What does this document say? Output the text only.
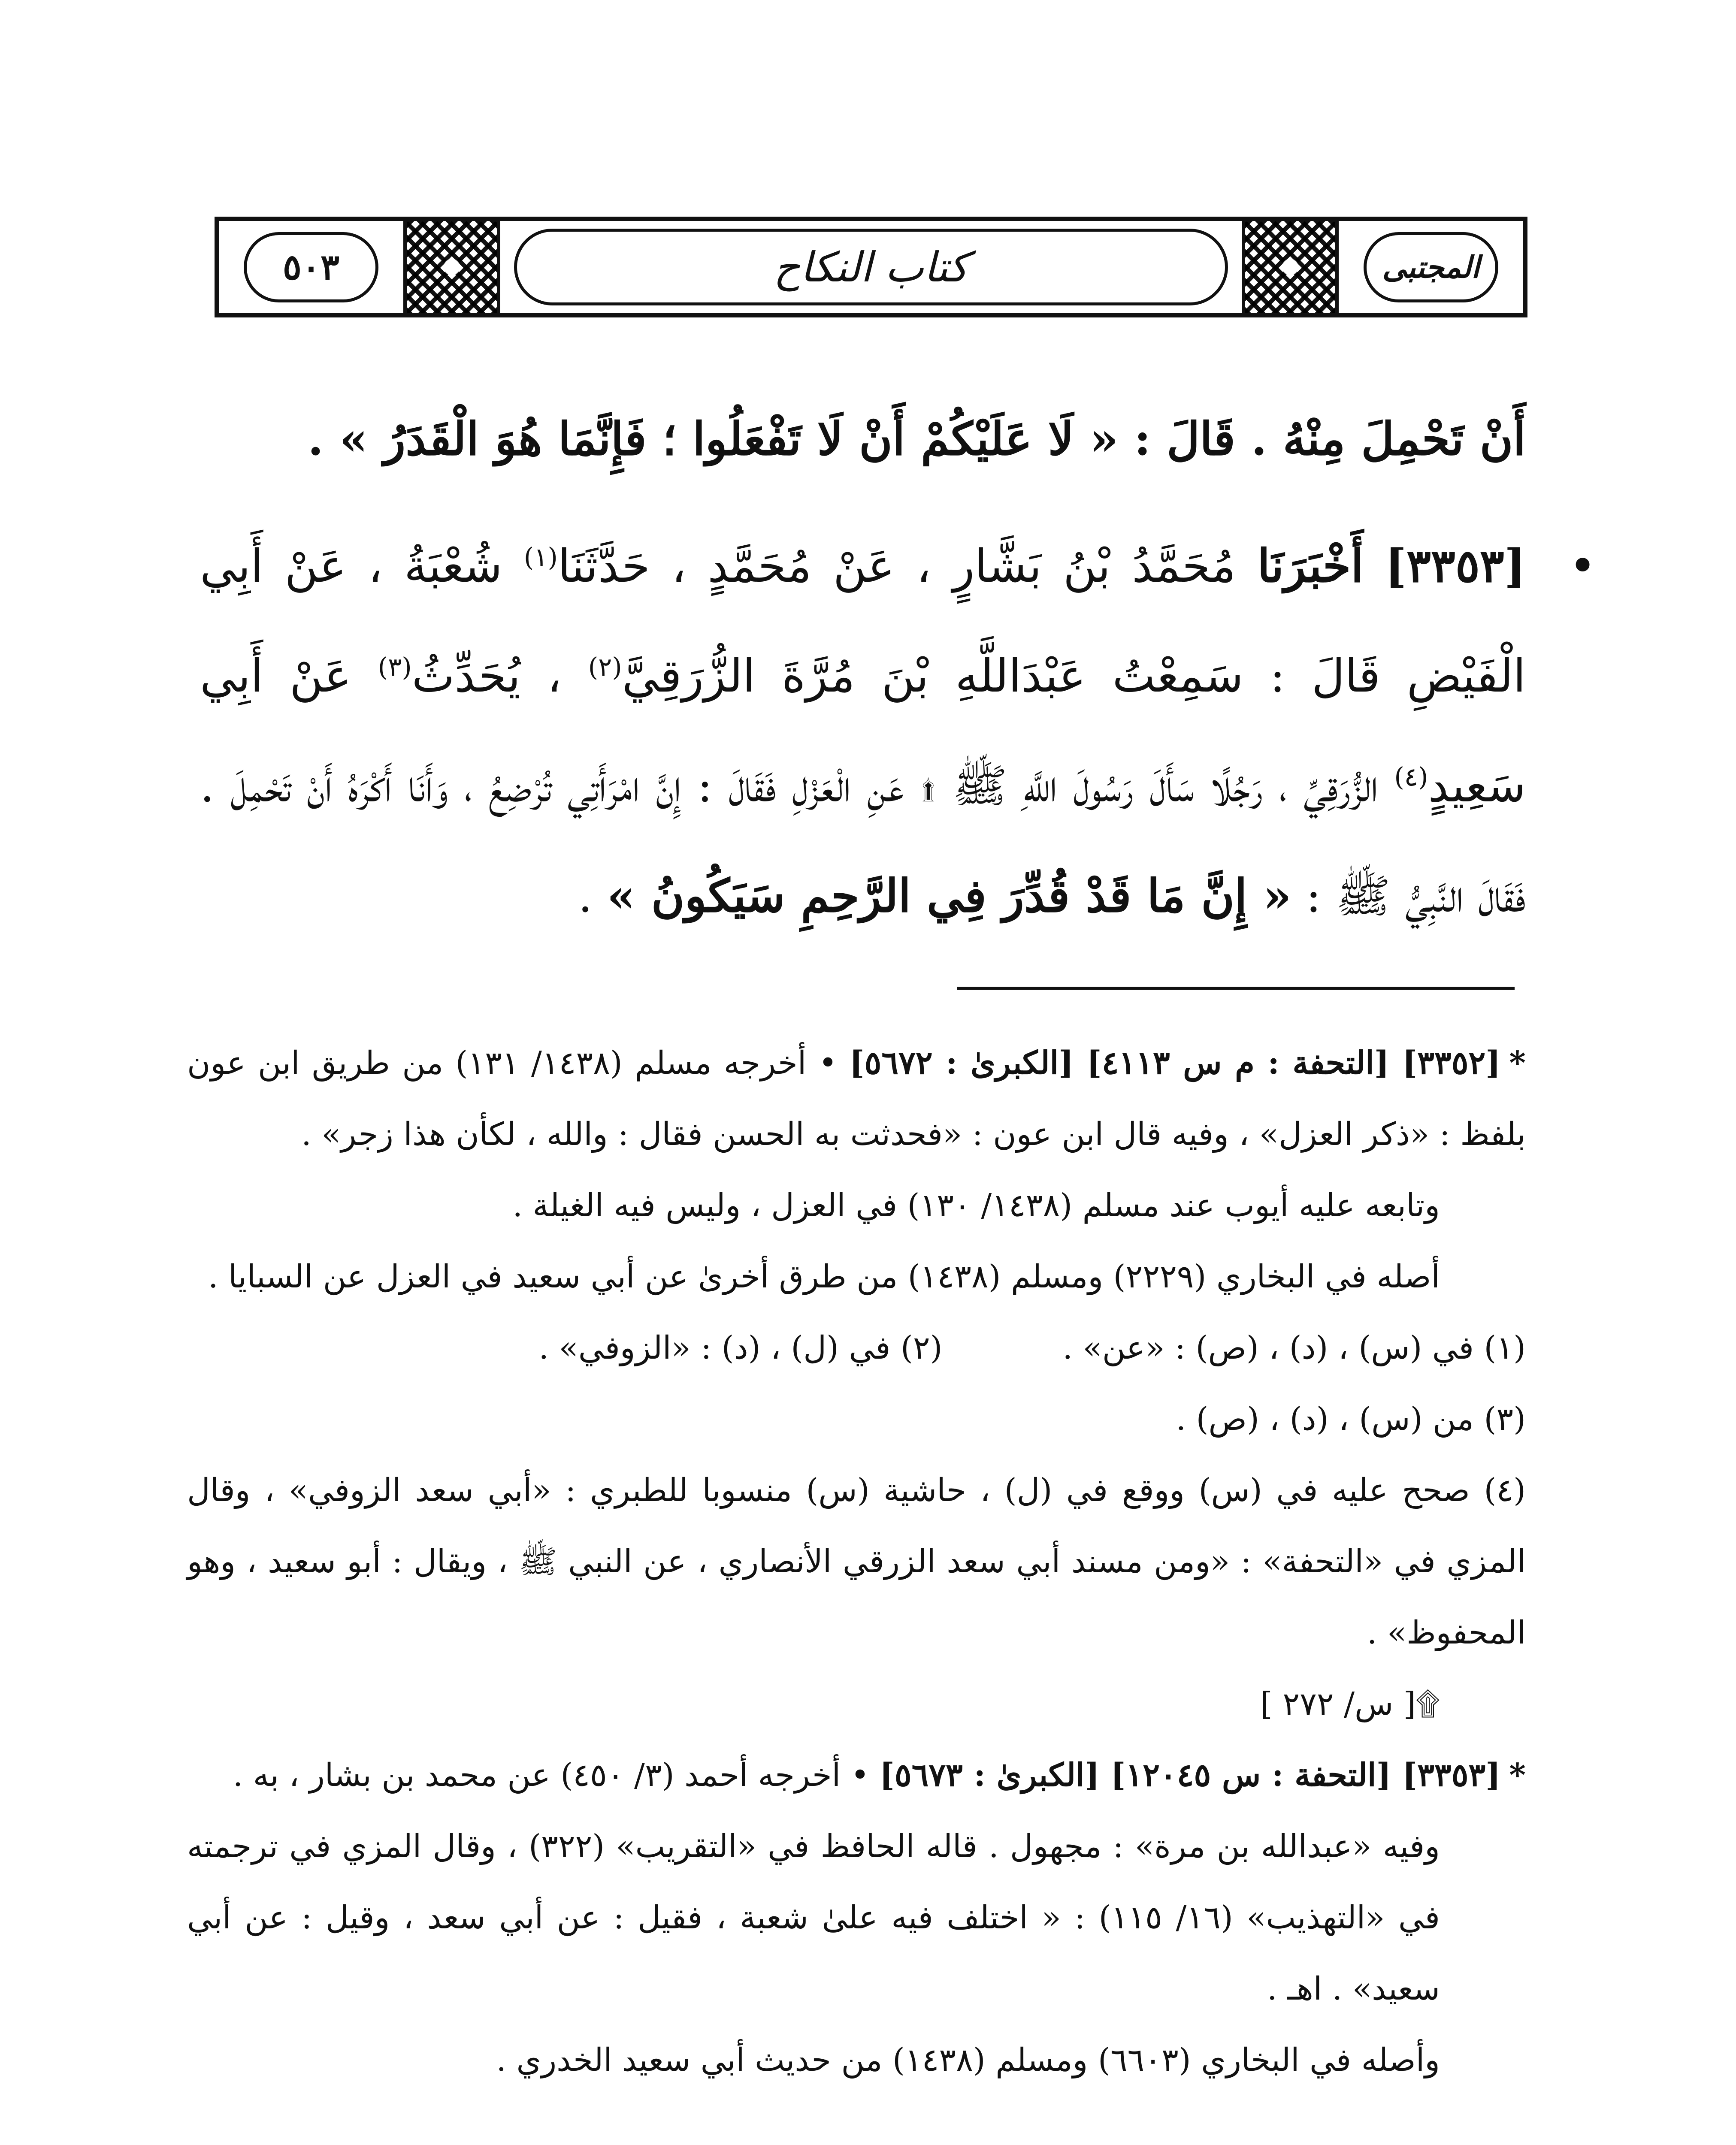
٥٠٣	كتاب النكاح	المجتبى

أَنْ تَحْمِلَ مِنْهُ . قَالَ : « لَا عَلَيْكُمْ أَنْ لَا تَفْعَلُوا ؛ فَإِنَّمَا هُوَ الْقَدَرُ » .

•
[٣٣٥٣] أَخْبَرَنَا مُحَمَّدُ بْنُ بَشَّارٍ ، عَنْ مُحَمَّدٍ ، حَدَّثَنَا$^{(١)}$ شُعْبَةُ ، عَنْ أَبِي الْفَيْضِ قَالَ : سَمِعْتُ عَبْدَاللَّهِ بْنَ مُرَّةَ الزُّرَقِيَّ$^{(٢)}$ ، يُحَدِّثُ$^{(٣)}$ عَنْ أَبِي سَعِيدٍ$^{(٤)}$ الزُّرَقِيِّ ، رَجُلًا سَأَلَ رَسُولَ اللَّهِ ﷺ ۩ عَنِ الْعَزْلِ فَقَالَ : إِنَّ امْرَأَتِي تُرْضِعُ ، وَأَنَا أَكْرَهُ أَنْ تَحْمِلَ . فَقَالَ النَّبِيُّ ﷺ : « إِنَّ مَا قَدْ قُدِّرَ فِي الرَّحِمِ سَيَكُونُ » .

*[٣٣٥٢] [التحفة : م س ٤١١٣] [الكبرىٰ : ٥٦٧٢] • أخرجه مسلم (١٤٣٨/ ١٣١) من طريق ابن عون بلفظ : «ذكر العزل» ، وفيه قال ابن عون : «فحدثت به الحسن فقال : والله ، لكأن هذا زجر» .

وتابعه عليه أيوب عند مسلم (١٤٣٨/ ١٣٠) في العزل ، وليس فيه الغيلة .

أصله في البخاري (٢٢٢٩) ومسلم (١٤٣٨) من طرق أخرىٰ عن أبي سعيد في العزل عن السبايا .

(١) في (س) ، (د) ، (ص) : «عن» .
(٢) في (ل) ، (د) : «الزوفي» .

(٣) من (س) ، (د) ، (ص) .

(٤) صحح عليه في (س) ووقع في (ل) ، حاشية (س) منسوبا للطبري : «أبي سعد الزوفي» ، وقال المزي في «التحفة» : «ومن مسند أبي سعد الزرقي الأنصاري ، عن النبي ﷺ ، ويقال : أبو سعيد ، وهو المحفوظ» .

۩[ س/ ٢٧٢ ]

*[٣٣٥٣] [التحفة : س ١٢٠٤٥] [الكبرىٰ : ٥٦٧٣] • أخرجه أحمد (٣/ ٤٥٠) عن محمد بن بشار ، به .

وفيه «عبدالله بن مرة» : مجهول . قاله الحافظ في «التقريب» (٣٢٢) ، وقال المزي في ترجمته في «التهذيب» (١٦/ ١١٥) : « اختلف فيه علىٰ شعبة ، فقيل : عن أبي سعد ، وقيل : عن أبي سعيد» . اهـ .

وأصله في البخاري (٦٦٠٣) ومسلم (١٤٣٨) من حديث أبي سعيد الخدري .
